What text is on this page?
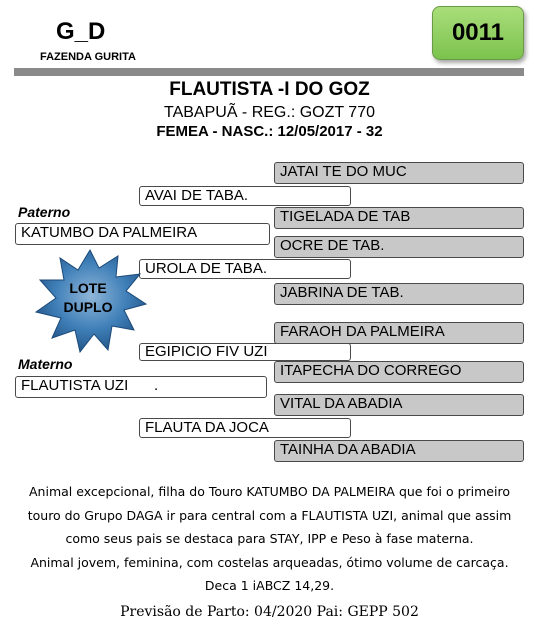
G_D
FAZENDA GURITA
0011
FLAUTISTA -I DO GOZ
TABAPUÃ - REG.: GOZT 770
FEMEA - NASC.: 12/05/2017 - 32
JATAI TE DO MUC
TIGELADA DE TAB
OCRE DE TAB.
JABRINA DE TAB.
FARAOH DA PALMEIRA
ITAPECHA DO CORREGO
VITAL DA ABADIA
TAINHA DA ABADIA
AVAI DE TABA.
UROLA DE TABA.
EGIPICIO FIV UZI
FLAUTA DA JOCA
Paterno
KATUMBO DA PALMEIRA
Materno
FLAUTISTA UZI .
LOTE
DUPLO
Animal excepcional, filha do Touro KATUMBO DA PALMEIRA que foi o primeiro
touro do Grupo DAGA ir para central com a FLAUTISTA UZI, animal que assim
como seus pais se destaca para STAY, IPP e Peso à fase materna.
Animal jovem, feminina, com costelas arqueadas, ótimo volume de carcaça.
Deca 1 iABCZ 14,29.
Previsão de Parto: 04/2020 Pai: GEPP 502
